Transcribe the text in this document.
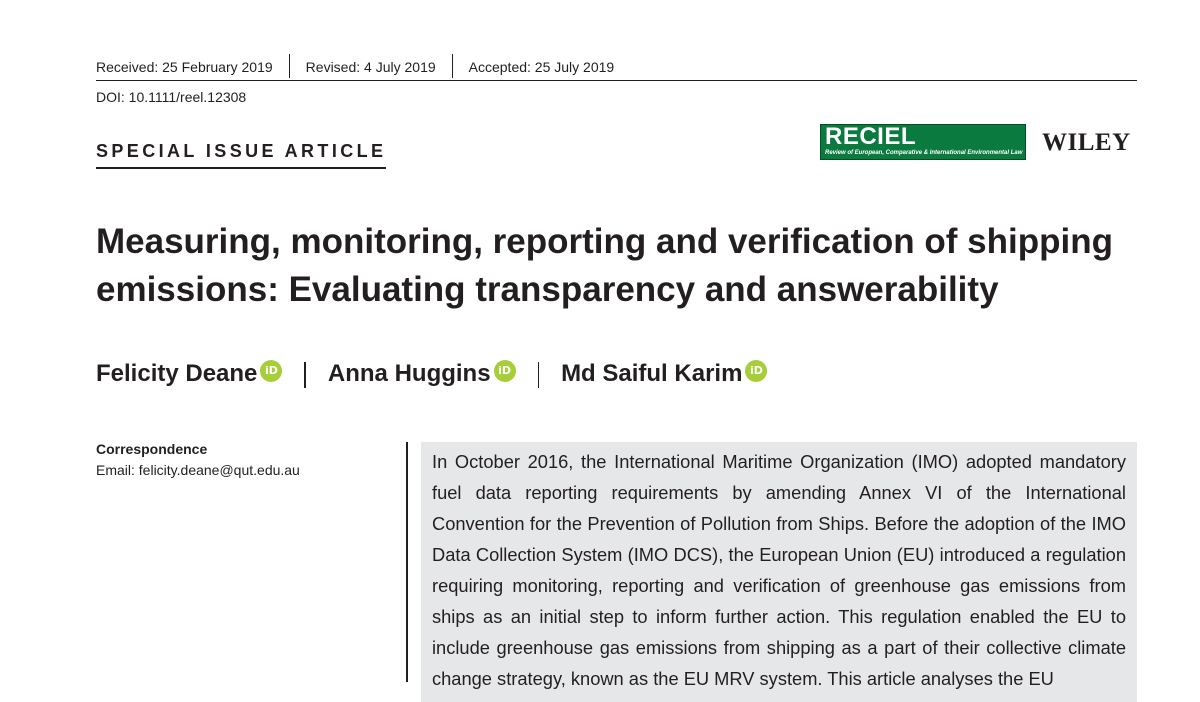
Received: 25 February 2019 Revised: 4 July 2019 Accepted: 25 July 2019
DOI: 10.1111/reel.12308
SPECIAL ISSUE ARTICLE
RECIEL
Review of European, Comparative & International Environmental Law WILEY
Measuring, monitoring, reporting and verification of shipping emissions: Evaluating transparency and answerability
Felicity Deane iD Anna Huggins iD Md Saiful Karim iD
Correspondence
Email: felicity.deane@qut.edu.au	In October 2016, the International Maritime Organization (IMO) adopted mandatory fuel data reporting requirements by amending Annex VI of the International Convention for the Prevention of Pollution from Ships. Before the adoption of the IMO Data Collection System (IMO DCS), the European Union (EU) introduced a regulation requiring monitoring, reporting and verification of greenhouse gas emissions from ships as an initial step to inform further action. This regulation enabled the EU to include greenhouse gas emissions from shipping as a part of their collective climate change strategy, known as the EU MRV system. This article analyses the EU
